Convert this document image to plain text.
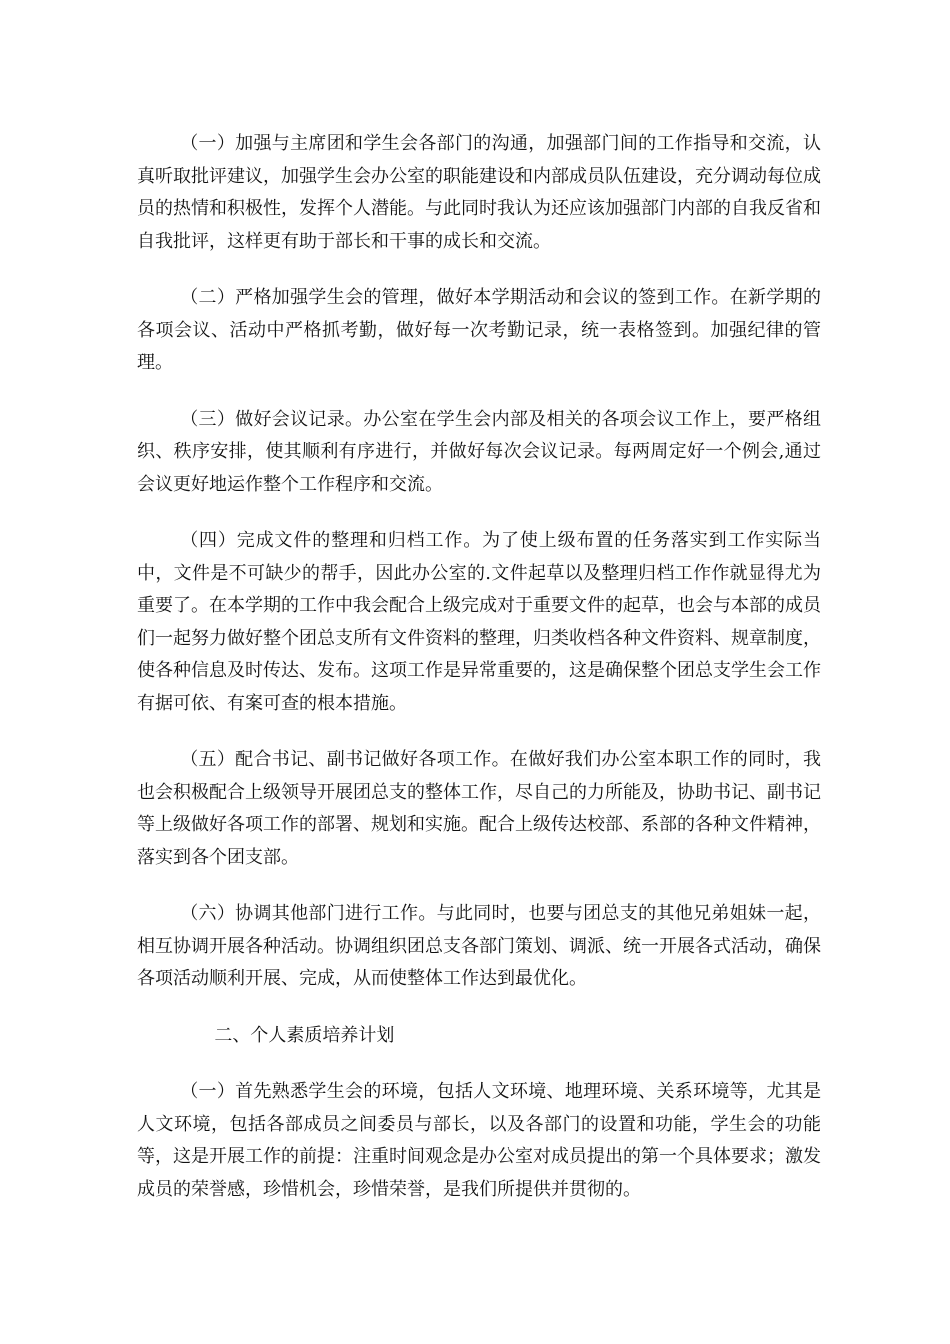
（一）加强与主席团和学生会各部门的沟通，加强部门间的工作指导和交流，认真听取批评建议，加强学生会办公室的职能建设和内部成员队伍建设，充分调动每位成员的热情和积极性，发挥个人潜能。与此同时我认为还应该加强部门内部的自我反省和自我批评，这样更有助于部长和干事的成长和交流。

（二）严格加强学生会的管理，做好本学期活动和会议的签到工作。在新学期的各项会议、活动中严格抓考勤，做好每一次考勤记录，统一表格签到。加强纪律的管理。

（三）做好会议记录。办公室在学生会内部及相关的各项会议工作上，要严格组织、秩序安排，使其顺利有序进行，并做好每次会议记录。每两周定好一个例会,通过会议更好地运作整个工作程序和交流。

（四）完成文件的整理和归档工作。为了使上级布置的任务落实到工作实际当中，文件是不可缺少的帮手，因此办公室的.文件起草以及整理归档工作作就显得尤为重要了。在本学期的工作中我会配合上级完成对于重要文件的起草，也会与本部的成员们一起努力做好整个团总支所有文件资料的整理，归类收档各种文件资料、规章制度，使各种信息及时传达、发布。这项工作是异常重要的，这是确保整个团总支学生会工作有据可依、有案可查的根本措施。

（五）配合书记、副书记做好各项工作。在做好我们办公室本职工作的同时，我也会积极配合上级领导开展团总支的整体工作，尽自己的力所能及，协助书记、副书记等上级做好各项工作的部署、规划和实施。配合上级传达校部、系部的各种文件精神，落实到各个团支部。

（六）协调其他部门进行工作。与此同时，也要与团总支的其他兄弟姐妹一起，相互协调开展各种活动。协调组织团总支各部门策划、调派、统一开展各式活动，确保各项活动顺利开展、完成，从而使整体工作达到最优化。

二、个人素质培养计划

（一）首先熟悉学生会的环境，包括人文环境、地理环境、关系环境等，尤其是人文环境，包括各部成员之间委员与部长，以及各部门的设置和功能，学生会的功能等，这是开展工作的前提：注重时间观念是办公室对成员提出的第一个具体要求；激发成员的荣誉感，珍惜机会，珍惜荣誉，是我们所提供并贯彻的。
